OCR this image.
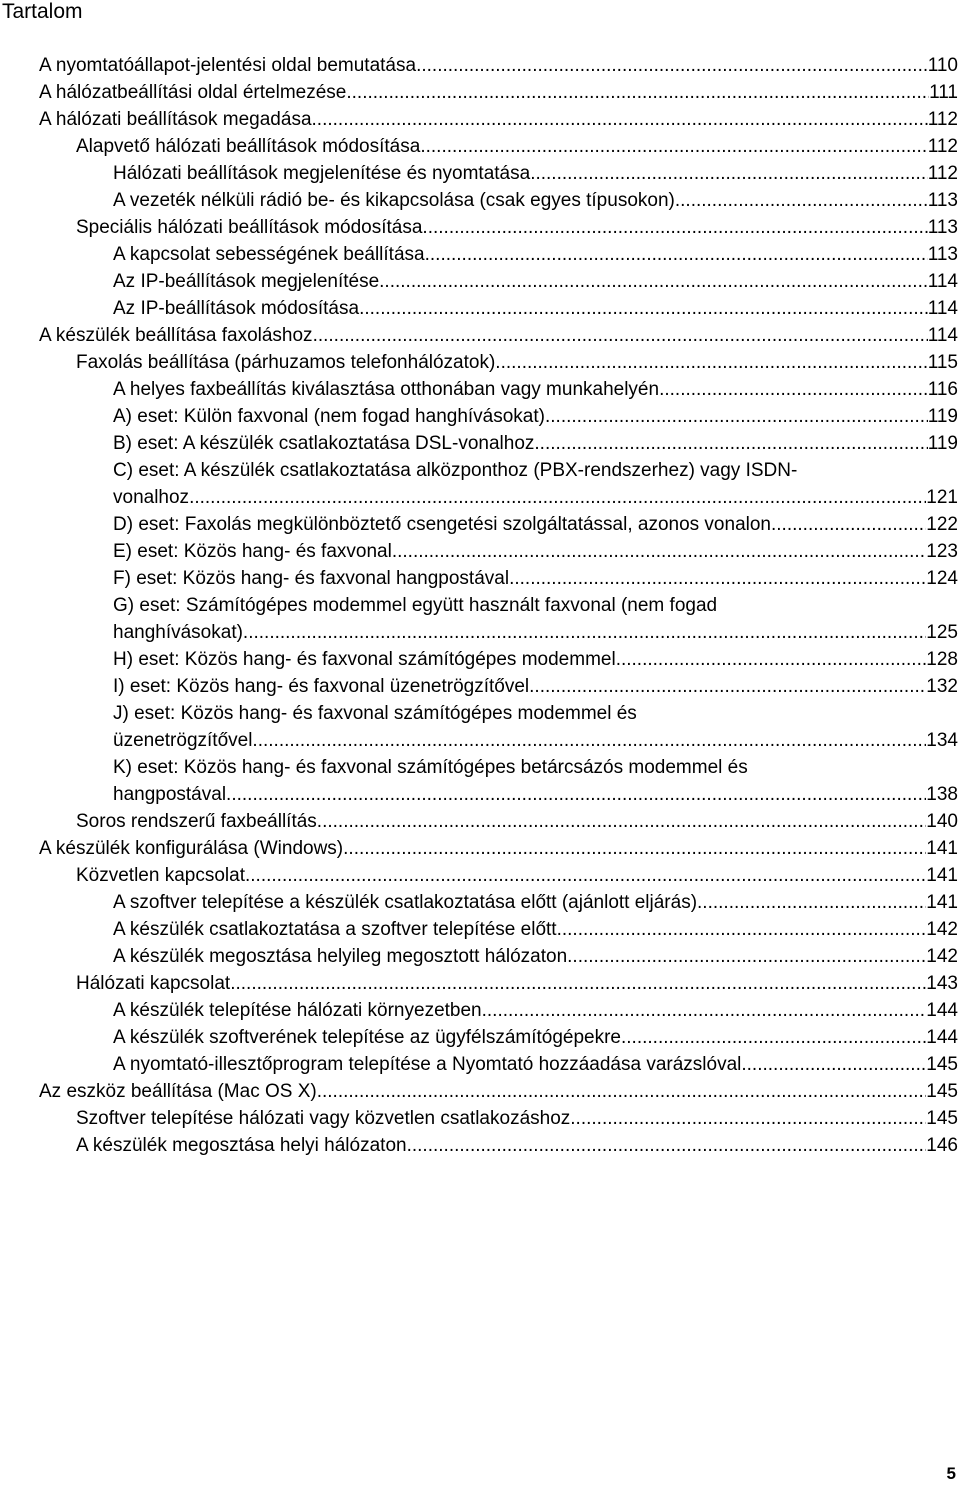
Tartalom
A nyomtatóállapot-jelentési oldal bemutatása .....	110
A hálózatbeállítási oldal értelmezése .....	111
A hálózati beállítások megadása .....	112
Alapvető hálózati beállítások módosítása .....	112
Hálózati beállítások megjelenítése és nyomtatása .....	112
A vezeték nélküli rádió be- és kikapcsolása (csak egyes típusokon) .....	113
Speciális hálózati beállítások módosítása .....	113
A kapcsolat sebességének beállítása .....	113
Az IP-beállítások megjelenítése .....	114
Az IP-beállítások módosítása .....	114
A készülék beállítása faxoláshoz .....	114
Faxolás beállítása (párhuzamos telefonhálózatok) .....	115
A helyes faxbeállítás kiválasztása otthonában vagy munkahelyén .....	116
A) eset: Külön faxvonal (nem fogad hanghívásokat) .....	119
B) eset: A készülék csatlakoztatása DSL-vonalhoz .....	119
C) eset: A készülék csatlakoztatása alközponthoz (PBX-rendszerhez) vagy ISDN-
vonalhoz .....	121
D) eset: Faxolás megkülönböztető csengetési szolgáltatással, azonos vonalon .....	122
E) eset: Közös hang- és faxvonal .....	123
F) eset: Közös hang- és faxvonal hangpostával .....	124
G) eset: Számítógépes modemmel együtt használt faxvonal (nem fogad
hanghívásokat) .....	125
H) eset: Közös hang- és faxvonal számítógépes modemmel .....	128
I) eset: Közös hang- és faxvonal üzenetrögzítővel .....	132
J) eset: Közös hang- és faxvonal számítógépes modemmel és
üzenetrögzítővel .....	134
K) eset: Közös hang- és faxvonal számítógépes betárcsázós modemmel és
hangpostával .....	138
Soros rendszerű faxbeállítás .....	140
A készülék konfigurálása (Windows) .....	141
Közvetlen kapcsolat .....	141
A szoftver telepítése a készülék csatlakoztatása előtt (ajánlott eljárás) .....	141
A készülék csatlakoztatása a szoftver telepítése előtt .....	142
A készülék megosztása helyileg megosztott hálózaton .....	142
Hálózati kapcsolat .....	143
A készülék telepítése hálózati környezetben .....	144
A készülék szoftverének telepítése az ügyfélszámítógépekre .....	144
A nyomtató-illesztőprogram telepítése a Nyomtató hozzáadása varázslóval .....	145
Az eszköz beállítása (Mac OS X) .....	145
Szoftver telepítése hálózati vagy közvetlen csatlakozáshoz .....	145
A készülék megosztása helyi hálózaton .....	146
5
